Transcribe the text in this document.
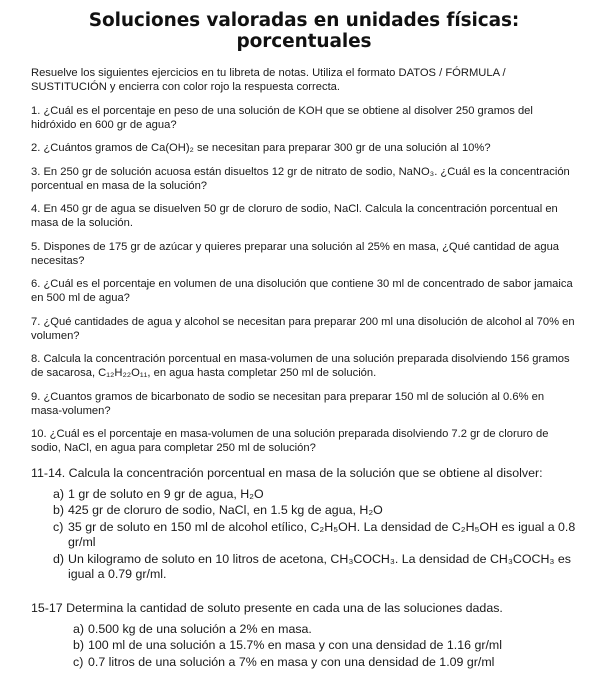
Soluciones valoradas en unidades físicas: porcentuales

Resuelve los siguientes ejercicios en tu libreta de notas. Utiliza el formato DATOS / FÓRMULA / SUSTITUCIÓN y encierra con color rojo la respuesta correcta.

1. ¿Cuál es el porcentaje en peso de una solución de KOH que se obtiene al disolver 250 gramos del hidróxido en 600 gr de agua?

2. ¿Cuántos gramos de Ca(OH)₂ se necesitan para preparar 300 gr de una solución al 10%?

3. En 250 gr de solución acuosa están disueltos 12 gr de nitrato de sodio, NaNO₃. ¿Cuál es la concentración porcentual en masa de la solución?

4. En 450 gr de agua se disuelven 50 gr de cloruro de sodio, NaCl. Calcula la concentración porcentual en masa de la solución.

5. Dispones de 175 gr de azúcar y quieres preparar una solución al 25% en masa, ¿Qué cantidad de agua necesitas?

6. ¿Cuál es el porcentaje en volumen de una disolución que contiene 30 ml de concentrado de sabor jamaica en 500 ml de agua?

7. ¿Qué cantidades de agua y alcohol se necesitan para preparar 200 ml una disolución de alcohol al 70% en volumen?

8. Calcula la concentración porcentual en masa-volumen de una solución preparada disolviendo 156 gramos de sacarosa, C₁₂H₂₂O₁₁, en agua hasta completar 250 ml de solución.

9. ¿Cuantos gramos de bicarbonato de sodio se necesitan para preparar 150 ml de solución al 0.6% en masa-volumen?

10. ¿Cuál es el porcentaje en masa-volumen de una solución preparada disolviendo 7.2 gr de cloruro de sodio, NaCl, en agua para completar 250 ml de solución?

11-14. Calcula la concentración porcentual en masa de la solución que se obtiene al disolver:

a) 1 gr de soluto en 9 gr de agua, H₂O
b) 425 gr de cloruro de sodio, NaCl, en 1.5 kg de agua, H₂O
c) 35 gr de soluto en 150 ml de alcohol etílico, C₂H₅OH. La densidad de C₂H₅OH es igual a 0.8 gr/ml
d) Un kilogramo de soluto en 10 litros de acetona, CH₃COCH₃. La densidad de CH₃COCH₃ es igual a 0.79 gr/ml.

15-17 Determina la cantidad de soluto presente en cada una de las soluciones dadas.

a) 0.500 kg de una solución a 2% en masa.
b) 100 ml de una solución a 15.7% en masa y con una densidad de 1.16 gr/ml
c) 0.7 litros de una solución a 7% en masa y con una densidad de 1.09 gr/ml
